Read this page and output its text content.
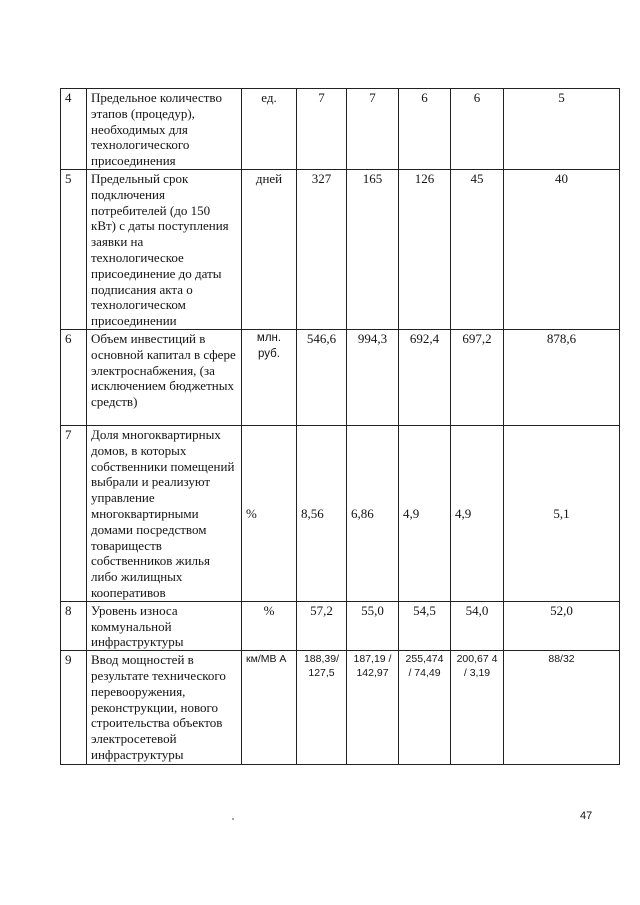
4	Предельное количество этапов (процедур), необходимых для технологического присоединения	ед.	7	7	6	6	5
5	Предельный срок подключения потребителей (до 150 кВт) с даты поступления заявки на технологическое присоединение до даты подписания акта о технологическом присоединении	дней	327	165	126	45	40
6	Объем инвестиций в основной капитал в сфере электроснабжения, (за исключением бюджетных средств)	млн. руб.	546,6	994,3	692,4	697,2	878,6
7	Доля многоквартирных домов, в которых собственники помещений выбрали и реализуют управление многоквартирными домами посредством товариществ собственников жилья либо жилищных кооперативов	%	8,56	6,86	4,9	4,9	5,1
8	Уровень износа коммунальной инфраструктуры	%	57,2	55,0	54,5	54,0	52,0
9	Ввод мощностей в результате технического перевооружения, реконструкции, нового строительства объектов электросетевой инфраструктуры	км/МВ А	188,39/ 127,5	187,19 / 142,97	255,474 / 74,49	200,67 4 / 3,19	88/32
47
